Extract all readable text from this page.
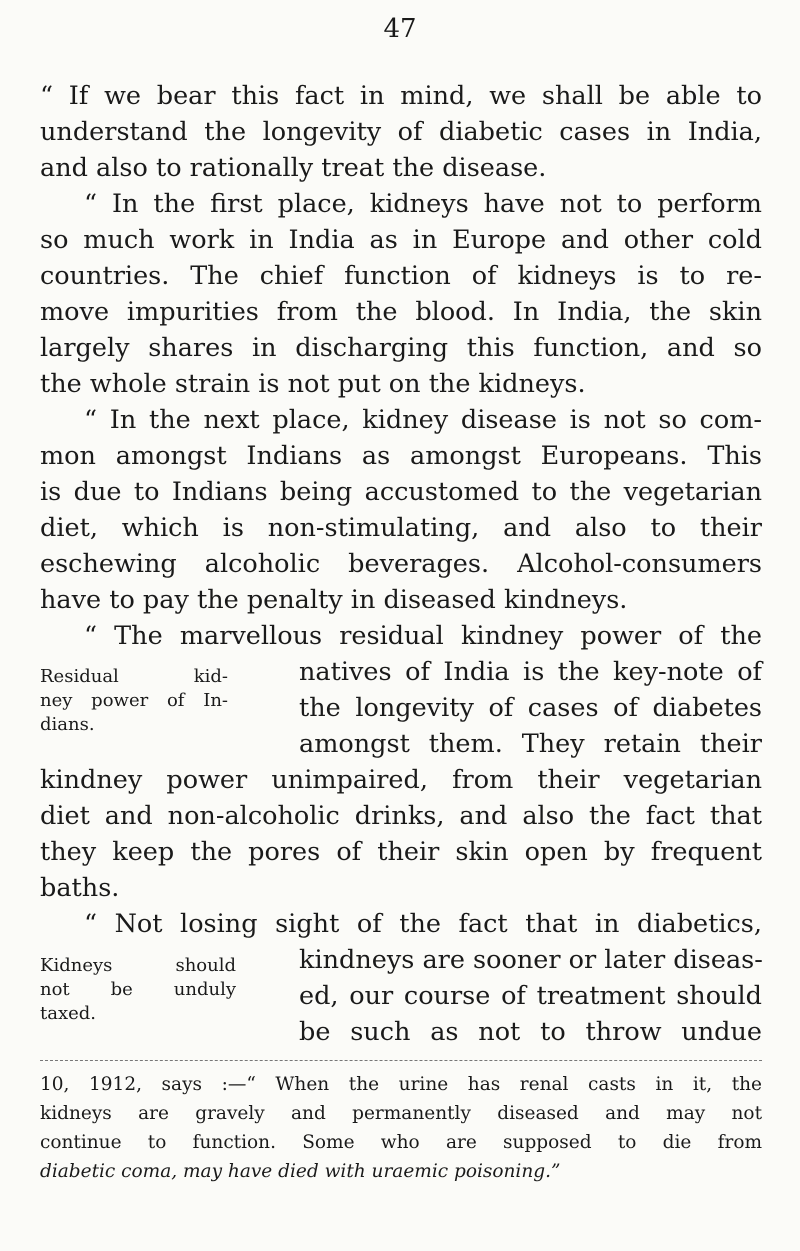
47
“ If we bear this fact in mind, we shall be able to
understand the longevity of diabetic cases in India,
and also to rationally treat the disease.
“ In the first place, kidneys have not to perform
so much work in India as in Europe and other cold
countries. The chief function of kidneys is to re-
move impurities from the blood. In India, the skin
largely shares in discharging this function, and so
the whole strain is not put on the kidneys.
“ In the next place, kidney disease is not so com-
mon amongst Indians as amongst Europeans. This
is due to Indians being accustomed to the vegetarian
diet, which is non-stimulating, and also to their
eschewing alcoholic beverages. Alcohol-consumers
have to pay the penalty in diseased kindneys.
“ The marvellous residual kindney power of the
natives of India is the key-note of
the longevity of cases of diabetes
amongst them. They retain their
kindney power unimpaired, from their vegetarian
diet and non-alcoholic drinks, and also the fact that
they keep the pores of their skin open by frequent
baths.
“ Not losing sight of the fact that in diabetics,
kindneys are sooner or later diseas-
ed, our course of treatment should
be such as not to throw undue
Residual kid-
ney power of In-
dians.
Kidneys should
not be unduly
taxed.
10, 1912, says :—“ When the urine has renal casts in it, the
kidneys are gravely and permanently diseased and may not
continue to function. Some who are supposed to die from
diabetic coma, may have died with uraemic poisoning.”
